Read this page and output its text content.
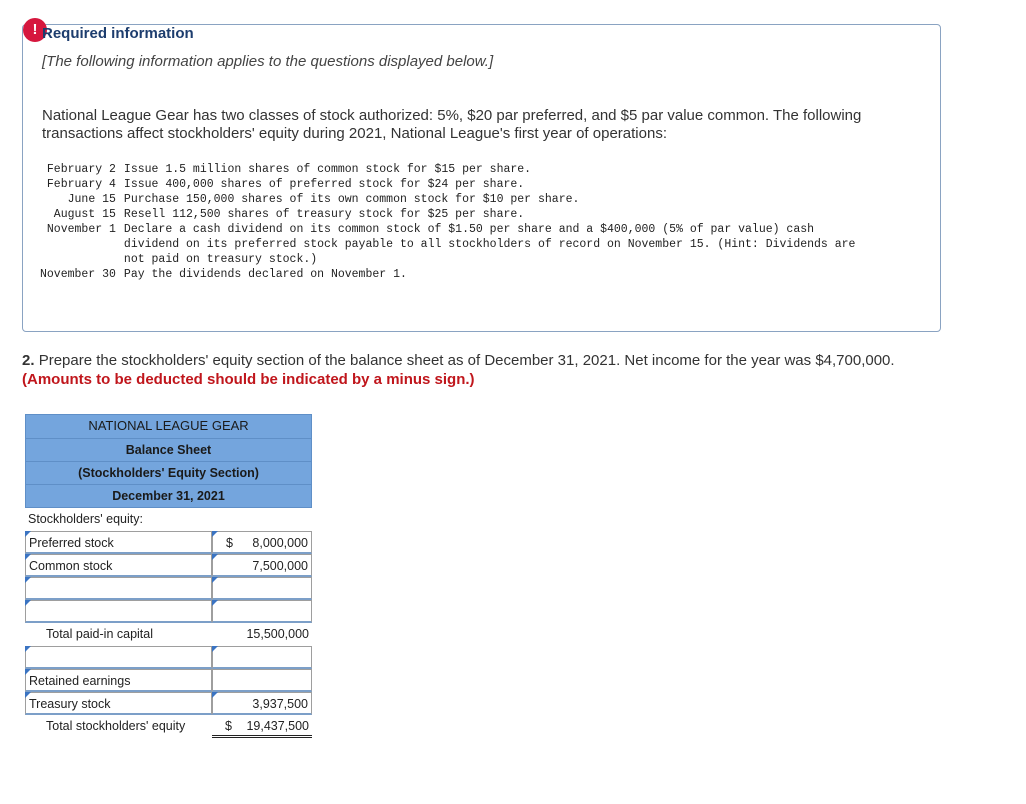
! Required information
[The following information applies to the questions displayed below.]
National League Gear has two classes of stock authorized: 5%, $20 par preferred, and $5 par value common. The following transactions affect stockholders' equity during 2021, National League's first year of operations:
February 2	Issue 1.5 million shares of common stock for $15 per share.
February 4	Issue 400,000 shares of preferred stock for $24 per share.
June 15	Purchase 150,000 shares of its own common stock for $10 per share.
August 15	Resell 112,500 shares of treasury stock for $25 per share.
November 1	Declare a cash dividend on its common stock of $1.50 per share and a $400,000 (5% of par value) cash dividend on its preferred stock payable to all stockholders of record on November 15. (Hint: Dividends are not paid on treasury stock.)
November 30	Pay the dividends declared on November 1.
2. Prepare the stockholders' equity section of the balance sheet as of December 31, 2021. Net income for the year was $4,700,000.
(Amounts to be deducted should be indicated by a minus sign.)
NATIONAL LEAGUE GEAR
Balance Sheet
(Stockholders' Equity Section)
December 31, 2021
Stockholders' equity:
Preferred stock	$ 8,000,000
Common stock	7,500,000
Total paid-in capital	15,500,000
Retained earnings
Treasury stock	3,937,500
Total stockholders' equity	$ 19,437,500
